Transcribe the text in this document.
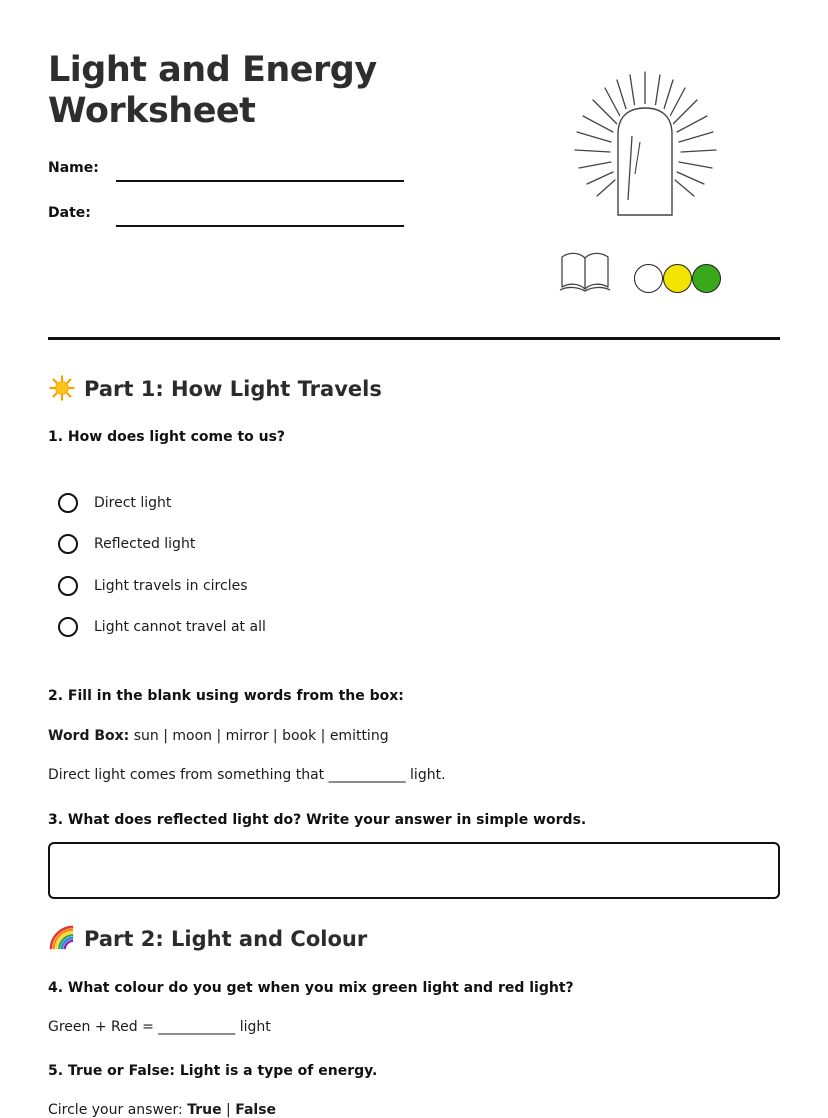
Light and Energy
Worksheet
Name:
Date:
Part 1: How Light Travels

1. How does light come to us?

Direct light
Reflected light
Light travels in circles
Light cannot travel at all

2. Fill in the blank using words from the box:

Word Box: sun | moon | mirror | book | emitting

Direct light comes from something that ___________ light.

3. What does reflected light do? Write your answer in simple words.

Part 2: Light and Colour

4. What colour do you get when you mix green light and red light?

Green + Red = ___________ light

5. True or False: Light is a type of energy.

Circle your answer: True | False
